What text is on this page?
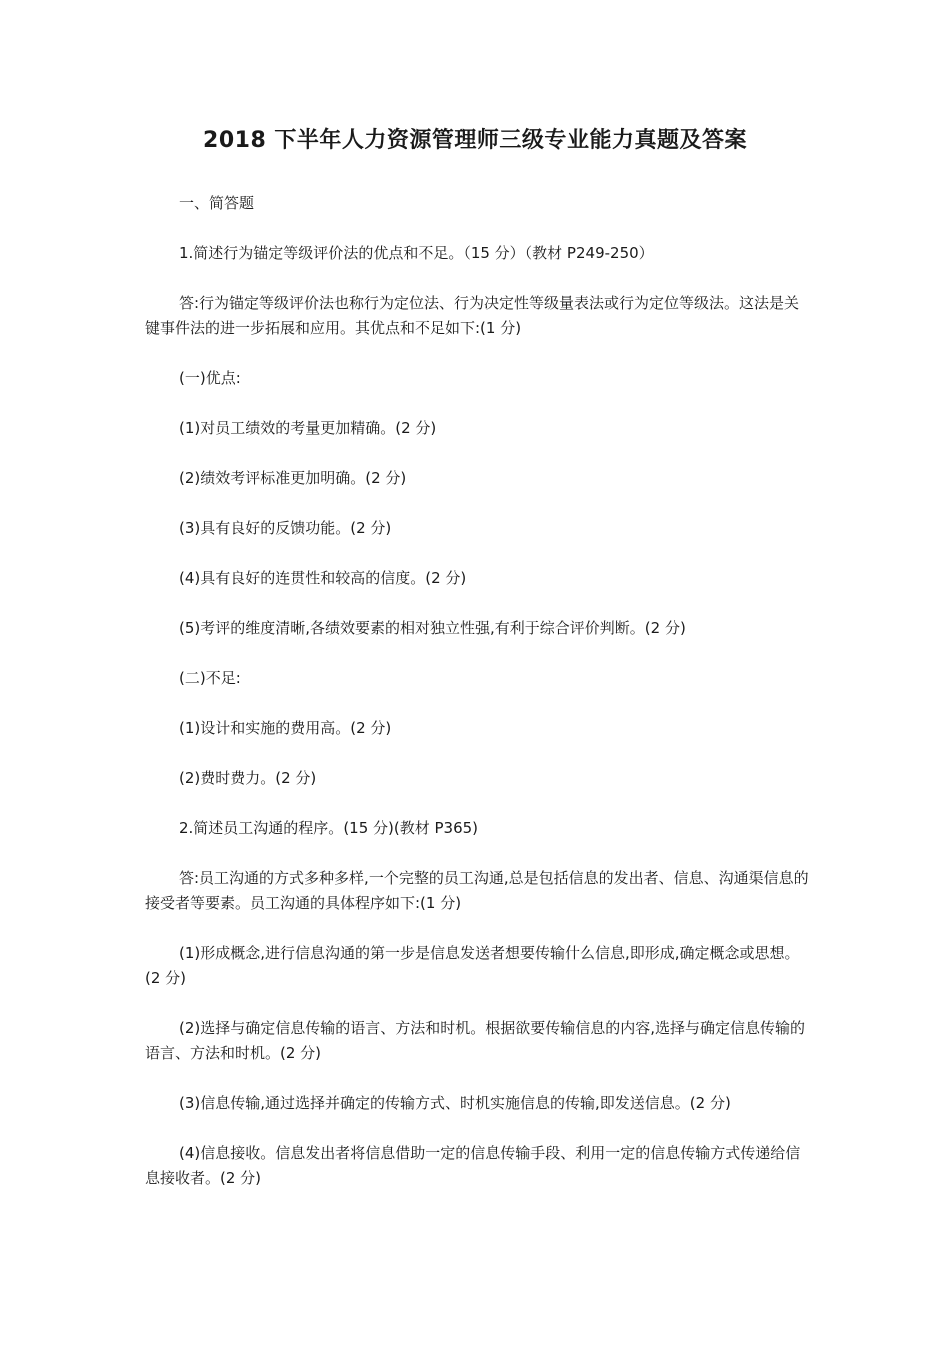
2018 下半年人力资源管理师三级专业能力真题及答案

一、简答题

1.简述行为锚定等级评价法的优点和不足。（15 分）（教材 P249-250）

答:行为锚定等级评价法也称行为定位法、行为决定性等级量表法或行为定位等级法。这法是关键事件法的进一步拓展和应用。其优点和不足如下:(1 分)

(一)优点:

(1)对员工绩效的考量更加精确。(2 分)

(2)绩效考评标准更加明确。(2 分)

(3)具有良好的反馈功能。(2 分)

(4)具有良好的连贯性和较高的信度。(2 分)

(5)考评的维度清晰,各绩效要素的相对独立性强,有利于综合评价判断。(2 分)

(二)不足:

(1)设计和实施的费用高。(2 分)

(2)费时费力。(2 分)

2.简述员工沟通的程序。(15 分)(教材 P365)

答:员工沟通的方式多种多样,一个完整的员工沟通,总是包括信息的发出者、信息、沟通渠信息的接受者等要素。员工沟通的具体程序如下:(1 分)

(1)形成概念,进行信息沟通的第一步是信息发送者想要传输什么信息,即形成,确定概念或思想。(2 分)

(2)选择与确定信息传输的语言、方法和时机。根据欲要传输信息的内容,选择与确定信息传输的语言、方法和时机。(2 分)

(3)信息传输,通过选择并确定的传输方式、时机实施信息的传输,即发送信息。(2 分)

(4)信息接收。信息发出者将信息借助一定的信息传输手段、利用一定的信息传输方式传递给信息接收者。(2 分)
